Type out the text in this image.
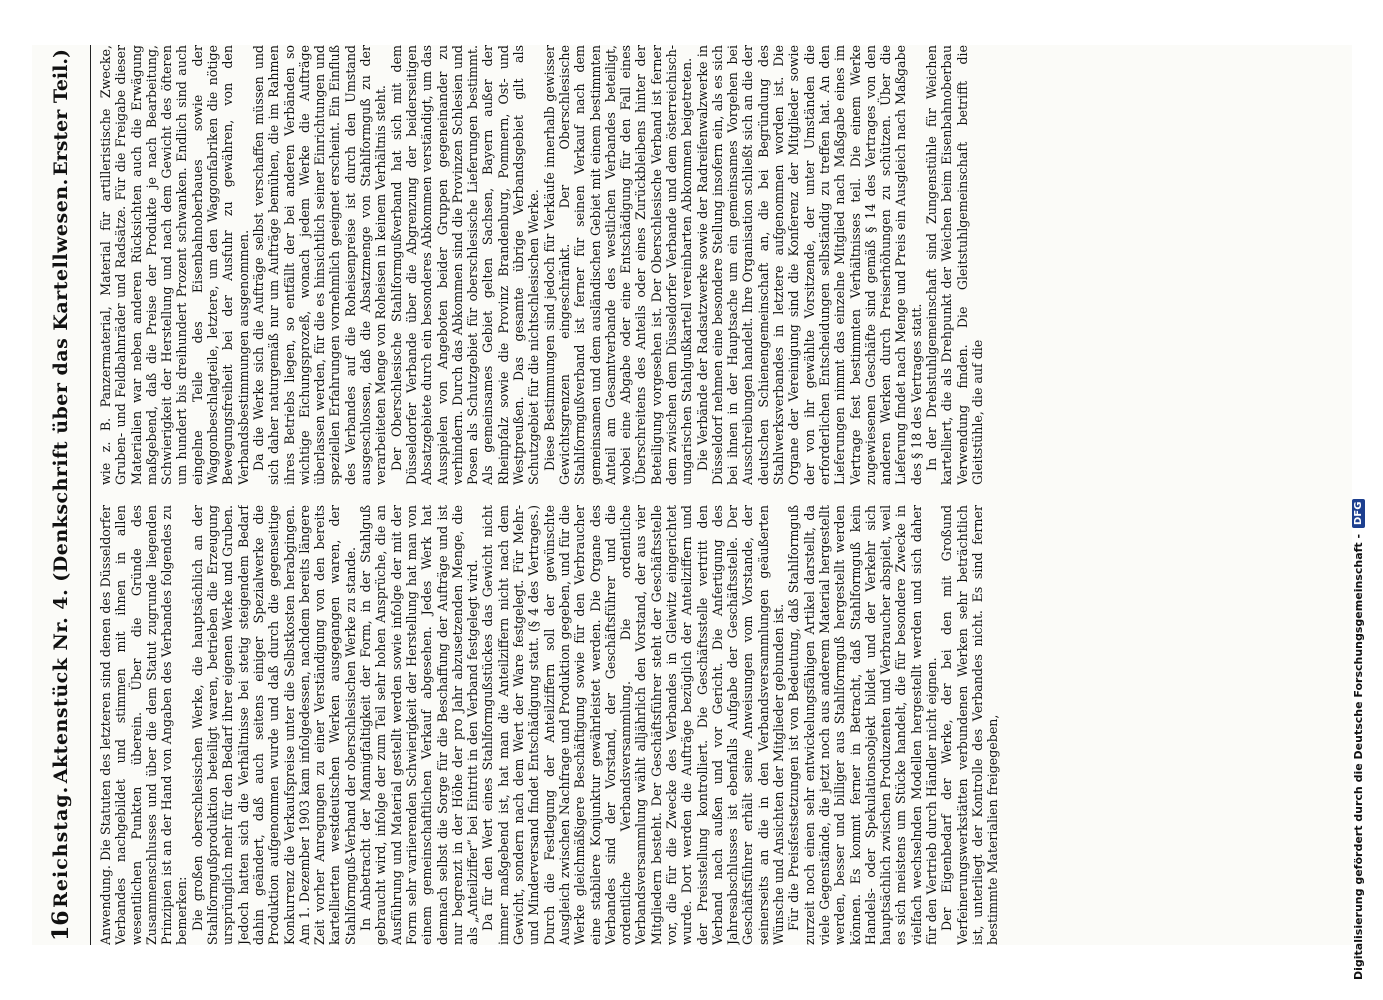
16
Reichstag.
Aktenstück Nr. 4. (Denkschrift über das Kartellwesen.
Erster Teil.)

Anwendung. Die Statuten des letzteren sind denen des Düsseldorfer Verbandes nachgebildet und stimmen mit ihnen in allen wesentlichen Punkten überein. Über die Gründe des Zusammenschlusses und über die dem Statut zugrunde liegenden Prinzipien ist an der Hand von Angaben des Verbandes folgendes zu bemerken: Die großen oberschlesischen Werke, die hauptsächlich an der Stahlformgußproduktion beteiligt waren, betrieben die Erzeugung ursprünglich mehr für den Bedarf ihrer eigenen Werke und Gruben. Jedoch hatten sich die Verhältnisse bei stetig steigendem Bedarf dahin geändert, daß auch seitens einiger Spezialwerke die Produktion aufgenommen wurde und daß durch die gegenseitige Konkurrenz die Verkaufspreise unter die Selbstkosten herabgingen. Am 1. Dezember 1903 kam infolgedessen, nachdem bereits längere Zeit vorher Anregungen zu einer Verständigung von den bereits kartellierten westdeutschen Werken ausgegangen waren, der Stahlformguß-Verband der oberschlesischen Werke zu stande. In Anbetracht der Mannigfaltigkeit der Form, in der Stahlguß gebraucht wird, infolge der zum Teil sehr hohen Ansprüche, die an Ausführung und Material gestellt werden sowie infolge der mit der Form sehr variierenden Schwierigkeit der Herstellung hat man von einem gemeinschaftlichen Verkauf abgesehen. Jedes Werk hat demnach selbst die Sorge für die Beschaffung der Aufträge und ist nur begrenzt in der Höhe der pro Jahr abzusetzenden Menge, die als „Anteilziffer“ bei Eintritt in den Verband festgelegt wird. Da für den Wert eines Stahlformgußstückes das Gewicht nicht immer maßgebend ist, hat man die Anteilziffern nicht nach dem Gewicht, sondern nach dem Wert der Ware festgelegt. Für Mehr- und Minderversand findet Entschädigung statt. (§ 4 des Vertrages.) Durch die Festlegung der Anteilziffern soll der gewünschte Ausgleich zwischen Nachfrage und Produktion gegeben, und für die Werke gleichmäßigere Beschäftigung sowie für den Verbraucher eine stabilere Konjunktur gewährleistet werden. Die Organe des Verbandes sind der Vorstand, der Geschäftsführer und die ordentliche Verbandsversammlung. Die ordentliche Verbandsversammlung wählt alljährlich den Vorstand, der aus vier Mitgliedern besteht. Der Geschäftsführer steht der Geschäftsstelle vor, die für die Zwecke des Verbandes in Gleiwitz eingerichtet wurde. Dort werden die Aufträge bezüglich der Anteilziffern und der Preisstellung kontrolliert. Die Geschäftsstelle vertritt den Verband nach außen und vor Gericht. Die Anfertigung des Jahresabschlusses ist ebenfalls Aufgabe der Geschäftsstelle. Der Geschäftsführer erhält seine Anweisungen vom Vorstande, der seinerseits an die in den Verbandsversammlungen geäußerten Wünsche und Ansichten der Mitglieder gebunden ist. Für die Preisfestsetzungen ist von Bedeutung, daß Stahlformguß zurzeit noch einen sehr entwickelungsfähigen Artikel darstellt, da viele Gegenstände, die jetzt noch aus anderem Material hergestellt werden, besser und billiger aus Stahlformguß hergestellt werden können. Es kommt ferner in Betracht, daß Stahlformguß kein Handels- oder Spekulationsobjekt bildet und der Verkehr sich hauptsächlich zwischen Produzenten und Verbraucher abspielt, weil es sich meistens um Stücke handelt, die für besondere Zwecke in vielfach wechselnden Modellen hergestellt werden und sich daher für den Vertrieb durch Händler nicht eignen. Der Eigenbedarf der Werke, der bei den mit Großund Verfeinerungswerkstätten verbundenen Werken sehr beträchtlich ist, unterliegt der Kontrolle des Verbandes nicht. Es sind ferner bestimmte Materialien freigegeben,

wie z. B. Panzermaterial, Material für artilleristische Zwecke, Gruben- und Feldbahnräder und Radsätze. Für die Freigabe dieser Materialien war neben anderen Rücksichten auch die Erwägung maßgebend, daß die Preise der Produkte je nach Bearbeitung, Schwierigkeit der Herstellung und nach dem Gewicht des öfteren um hundert bis dreihundert Prozent schwanken. Endlich sind auch eingelne Teile des Eisenbahnoberbaues sowie der Waggonbeschlagteile, letztere, um den Waggonfabriken die nötige Bewegungsfreiheit bei der Ausfuhr zu gewähren, von den Verbandsbestimmungen ausgenommen. Da die Werke sich die Aufträge selbst verschaffen müssen und sich daher naturgemäß nur um Aufträge bemühen, die im Rahmen ihres Betriebs liegen, so entfällt der bei anderen Verbänden so wichtige Eichungsprozeß, wonach jedem Werke die Aufträge überlassen werden, für die es hinsichtlich seiner Einrichtungen und speziellen Erfahrungen vornehmlich geeignet erscheint. Ein Einfluß des Verbandes auf die Roheisenpreise ist durch den Umstand ausgeschlossen, daß die Absatzmenge von Stahlformguß zu der verarbeiteten Menge von Roheisen in keinem Verhältnis steht. Der Oberschlesische Stahlformgußverband hat sich mit dem Düsseldorfer Verbande über die Abgrenzung der beiderseitigen Absatzgebiete durch ein besonderes Abkommen verständigt, um das Ausspielen von Angeboten beider Gruppen gegeneinander zu verhindern. Durch das Abkommen sind die Provinzen Schlesien und Posen als Schutzgebiet für oberschlesische Lieferungen bestimmt. Als gemeinsames Gebiet gelten Sachsen, Bayern außer der Rheinpfalz sowie die Provinz Brandenburg, Pommern, Ost- und Westpreußen. Das gesamte übrige Verbandsgebiet gilt als Schutzgebiet für die nichtschlesischen Werke. Diese Bestimmungen sind jedoch für Verkäufe innerhalb gewisser Gewichtsgrenzen eingeschränkt. Der Oberschlesische Stahlformgußverband ist ferner für seinen Verkauf nach dem gemeinsamen und dem ausländischen Gebiet mit einem bestimmten Anteil am Gesamtverbande des westlichen Verbandes beteiligt, wobei eine Abgabe oder eine Entschädigung für den Fall eines Überschreitens des Anteils oder eines Zurückbleibens hinter der Beteiligung vorgesehen ist. Der Oberschlesische Verband ist ferner dem zwischen dem Düsseldorfer Verbande und dem österreichisch-ungarischen Stahlgußkartell vereinbarten Abkommen beigetreten. Die Verbände der Radsatzwerke sowie der Radreifenwalzwerke in Düsseldorf nehmen eine besondere Stellung insofern ein, als es sich bei ihnen in der Hauptsache um ein gemeinsames Vorgehen bei Ausschreibungen handelt. Ihre Organisation schließt sich an die der deutschen Schienengemeinschaft an, die bei Begründung des Stahlwerksverbandes in letztere aufgenommen worden ist. Die Organe der Vereinigung sind die Konferenz der Mitglieder sowie der von ihr gewählte Vorsitzende, der unter Umständen die erforderlichen Entscheidungen selbständig zu treffen hat. An den Lieferungen nimmt das einzelne Mitglied nach Maßgabe eines im Vertrage fest bestimmten Verhältnisses teil. Die einem Werke zugewiesenen Geschäfte sind gemäß § 14 des Vertrages von den anderen Werken durch Preiserhöhungen zu schützen. Über die Lieferung findet nach Menge und Preis ein Ausgleich nach Maßgabe des § 18 des Vertrages statt. In der Drehstuhlgemeinschaft sind Zungenstühle für Weichen kartelliert, die als Drehpunkt der Weichen beim Eisenbahnoberbau Verwendung finden. Die Gleitstuhlgemeinschaft betrifft die Gleitstühle, die auf die

Digitalisierung gefördert durch die Deutsche Forschungsgemeinschaft -
DFG
